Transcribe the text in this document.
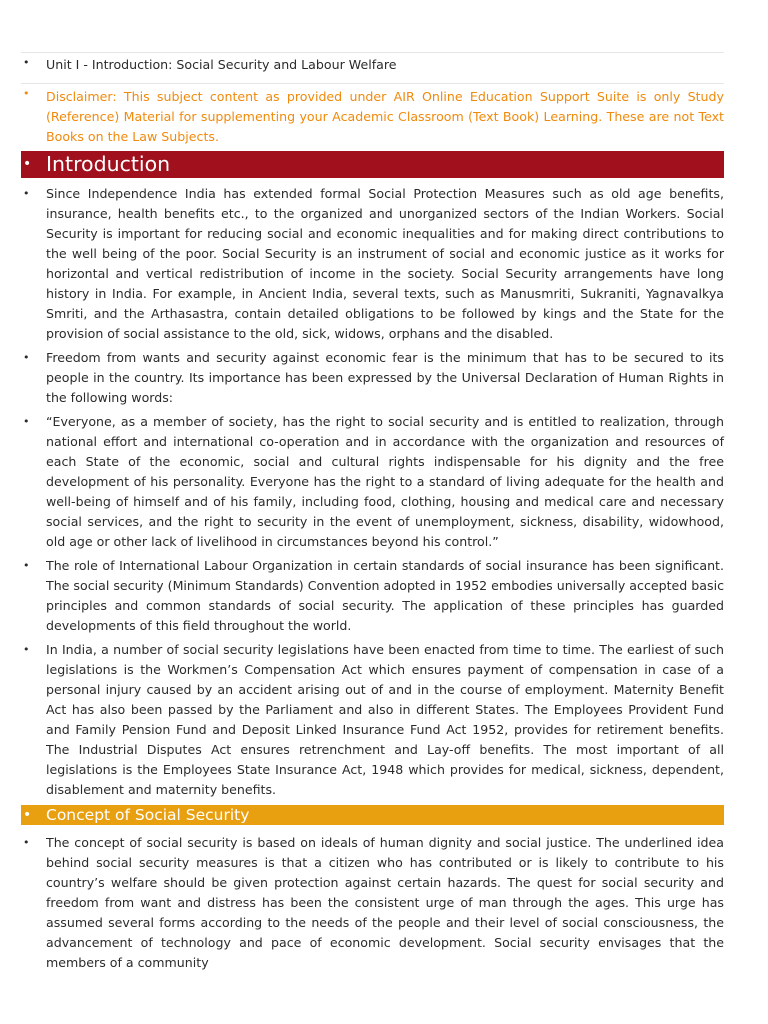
• Unit I - Introduction: Social Security and Labour Welfare

• Disclaimer: This subject content as provided under AIR Online Education Support Suite is only Study (Reference) Material for supplementing your Academic Classroom (Text Book) Learning. These are not Text Books on the Law Subjects.

• Introduction
• Since Independence India has extended formal Social Protection Measures such as old age benefits, insurance, health benefits etc., to the organized and unorganized sectors of the Indian Workers. Social Security is important for reducing social and economic inequalities and for making direct contributions to the well being of the poor. Social Security is an instrument of social and economic justice as it works for horizontal and vertical redistribution of income in the society. Social Security arrangements have long history in India. For example, in Ancient India, several texts, such as Manusmriti, Sukraniti, Yagnavalkya Smriti, and the Arthasastra, contain detailed obligations to be followed by kings and the State for the provision of social assistance to the old, sick, widows, orphans and the disabled.

• Freedom from wants and security against economic fear is the minimum that has to be secured to its people in the country. Its importance has been expressed by the Universal Declaration of Human Rights in the following words:

• “Everyone, as a member of society, has the right to social security and is entitled to realization, through national effort and international co-operation and in accordance with the organization and resources of each State of the economic, social and cultural rights indispensable for his dignity and the free development of his personality. Everyone has the right to a standard of living adequate for the health and well-being of himself and of his family, including food, clothing, housing and medical care and necessary social services, and the right to security in the event of unemployment, sickness, disability, widowhood, old age or other lack of livelihood in circumstances beyond his control.”

• The role of International Labour Organization in certain standards of social insurance has been significant. The social security (Minimum Standards) Convention adopted in 1952 embodies universally accepted basic principles and common standards of social security. The application of these principles has guarded developments of this field throughout the world.

• In India, a number of social security legislations have been enacted from time to time. The earliest of such legislations is the Workmen’s Compensation Act which ensures payment of compensation in case of a personal injury caused by an accident arising out of and in the course of employment. Maternity Benefit Act has also been passed by the Parliament and also in different States. The Employees Provident Fund and Family Pension Fund and Deposit Linked Insurance Fund Act 1952, provides for retirement benefits. The Industrial Disputes Act ensures retrenchment and Lay-off benefits. The most important of all legislations is the Employees State Insurance Act, 1948 which provides for medical, sickness, dependent, disablement and maternity benefits.

• Concept of Social Security
• The concept of social security is based on ideals of human dignity and social justice. The underlined idea behind social security measures is that a citizen who has contributed or is likely to contribute to his country’s welfare should be given protection against certain hazards. The quest for social security and freedom from want and distress has been the consistent urge of man through the ages. This urge has assumed several forms according to the needs of the people and their level of social consciousness, the advancement of technology and pace of economic development. Social security envisages that the members of a community
